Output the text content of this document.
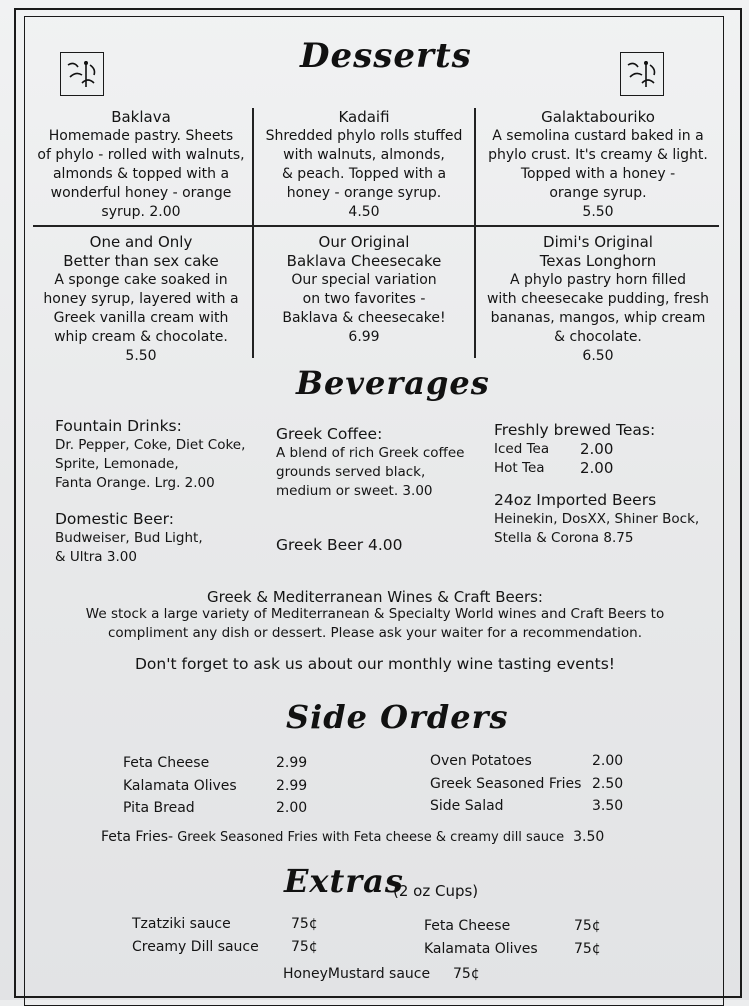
Desserts
Baklava
Homemade pastry. Sheets
of phylo - rolled with walnuts,
almonds & topped with a
wonderful honey - orange
syrup. 2.00
Kadaifi
Shredded phylo rolls stuffed
with walnuts, almonds,
& peach. Topped with a
honey - orange syrup.
4.50
Galaktabouriko
A semolina custard baked in a
phylo crust. It's creamy & light.
Topped with a honey -
orange syrup.
5.50
One and Only
Better than sex cake
A sponge cake soaked in
honey syrup, layered with a
Greek vanilla cream with
whip cream & chocolate.
5.50
Our Original
Baklava Cheesecake
Our special variation
on two favorites -
Baklava & cheesecake!
6.99
Dimi's Original
Texas Longhorn
A phylo pastry horn filled
with cheesecake pudding, fresh
bananas, mangos, whip cream
& chocolate.
6.50
Beverages
Fountain Drinks:
Dr. Pepper, Coke, Diet Coke,
Sprite, Lemonade,
Fanta Orange. Lrg. 2.00
Domestic Beer:
Budweiser, Bud Light,
& Ultra 3.00
Greek Coffee:
A blend of rich Greek coffee
grounds served black,
medium or sweet. 3.00
Greek Beer 4.00
Freshly brewed Teas:
Iced Tea	2.00
Hot Tea	2.00
24oz Imported Beers
Heinekin, DosXX, Shiner Bock,
Stella & Corona 8.75
Greek & Mediterranean Wines & Craft Beers:
We stock a large variety of Mediterranean & Specialty World wines and Craft Beers to
compliment any dish or dessert. Please ask your waiter for a recommendation.
Don't forget to ask us about our monthly wine tasting events!
Side Orders
Feta Cheese	2.99
Kalamata Olives	2.99
Pita Bread	2.00
Oven Potatoes	2.00
Greek Seasoned Fries 2.50
Side Salad	3.50
Feta Fries- Greek Seasoned Fries with Feta cheese & creamy dill sauce 3.50
Extras
(2 oz Cups)
Tzatziki sauce	75¢
Creamy Dill sauce	75¢
Feta Cheese	75¢
Kalamata Olives	75¢
HoneyMustard sauce	75¢
